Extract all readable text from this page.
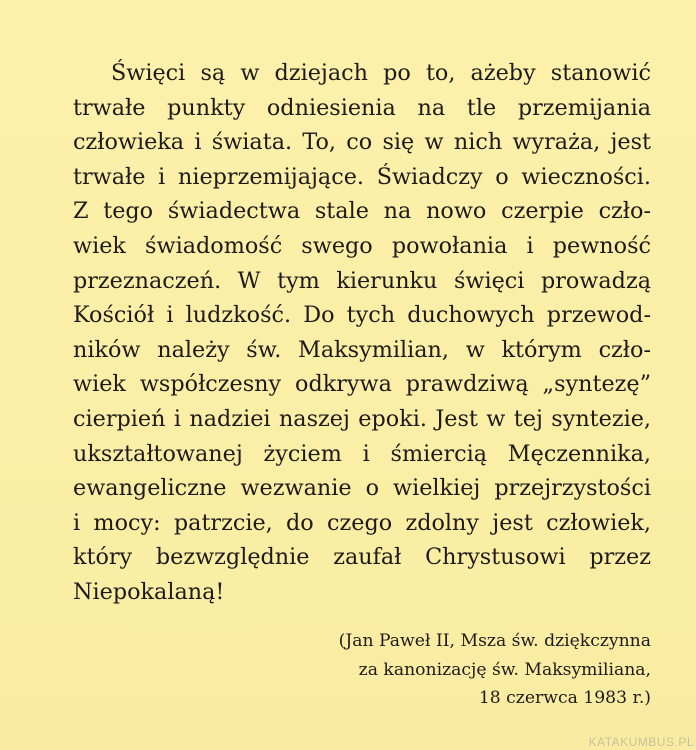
Święci są w dziejach po to, ażeby stanowić
trwałe punkty odniesienia na tle przemijania
człowieka i świata. To, co się w nich wyraża, jest
trwałe i nieprzemijające. Świadczy o wieczności.
Z tego świadectwa stale na nowo czerpie czło-
wiek świadomość swego powołania i pewność
przeznaczeń. W tym kierunku święci prowadzą
Kościół i ludzkość. Do tych duchowych przewod-
ników należy św. Maksymilian, w którym czło-
wiek współczesny odkrywa prawdziwą „syntezę”
cierpień i nadziei naszej epoki. Jest w tej syntezie,
ukształtowanej życiem i śmiercią Męczennika,
ewangeliczne wezwanie o wielkiej przejrzystości
i mocy: patrzcie, do czego zdolny jest człowiek,
który bezwzględnie zaufał Chrystusowi przez
Niepokalaną!

(Jan Paweł II, Msza św. dziękczynna
za kanonizację św. Maksymiliana,
18 czerwca 1983 r.)

KATAKUMBUS.PL
